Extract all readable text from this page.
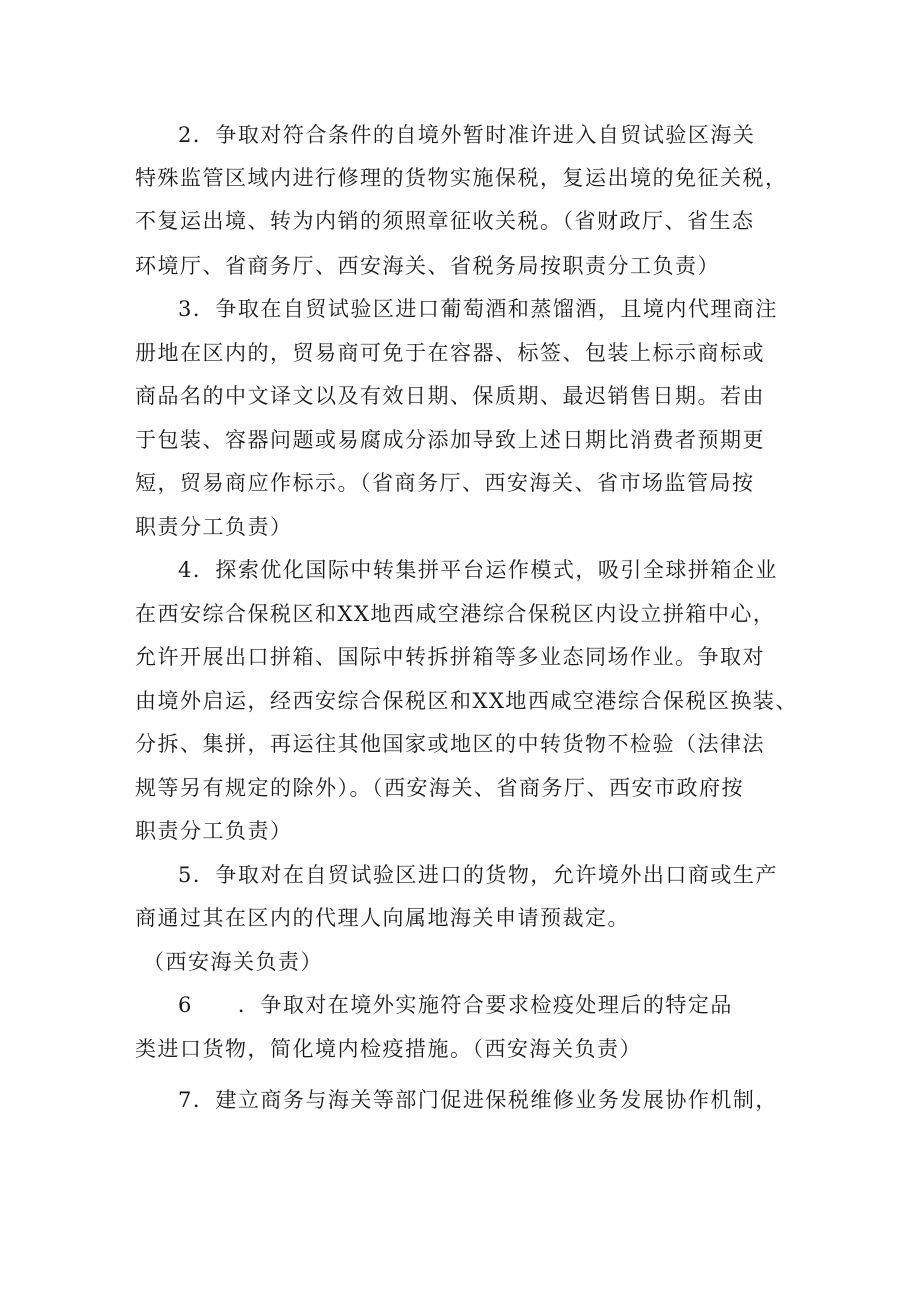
2．争取对符合条件的自境外暂时准许进入自贸试验区海关
特殊监管区域内进行修理的货物实施保税，复运出境的免征关税，
不复运出境、转为内销的须照章征收关税。（省财政厅、省生态
环境厅、省商务厅、西安海关、省税务局按职责分工负责）
3．争取在自贸试验区进口葡萄酒和蒸馏酒，且境内代理商注
册地在区内的，贸易商可免于在容器、标签、包装上标示商标或
商品名的中文译文以及有效日期、保质期、最迟销售日期。若由
于包装、容器问题或易腐成分添加导致上述日期比消费者预期更
短，贸易商应作标示。（省商务厅、西安海关、省市场监管局按
职责分工负责）
4．探索优化国际中转集拼平台运作模式，吸引全球拼箱企业
在西安综合保税区和XX地西咸空港综合保税区内设立拼箱中心，
允许开展出口拼箱、国际中转拆拼箱等多业态同场作业。争取对
由境外启运，经西安综合保税区和XX地西咸空港综合保税区换装、
分拆、集拼，再运往其他国家或地区的中转货物不检验（法律法
规等另有规定的除外）。（西安海关、省商务厅、西安市政府按
职责分工负责）
5．争取对在自贸试验区进口的货物，允许境外出口商或生产
商通过其在区内的代理人向属地海关申请预裁定。
（西安海关负责）
6　　．争取对在境外实施符合要求检疫处理后的特定品
类进口货物，简化境内检疫措施。（西安海关负责）
7．建立商务与海关等部门促进保税维修业务发展协作机制，
